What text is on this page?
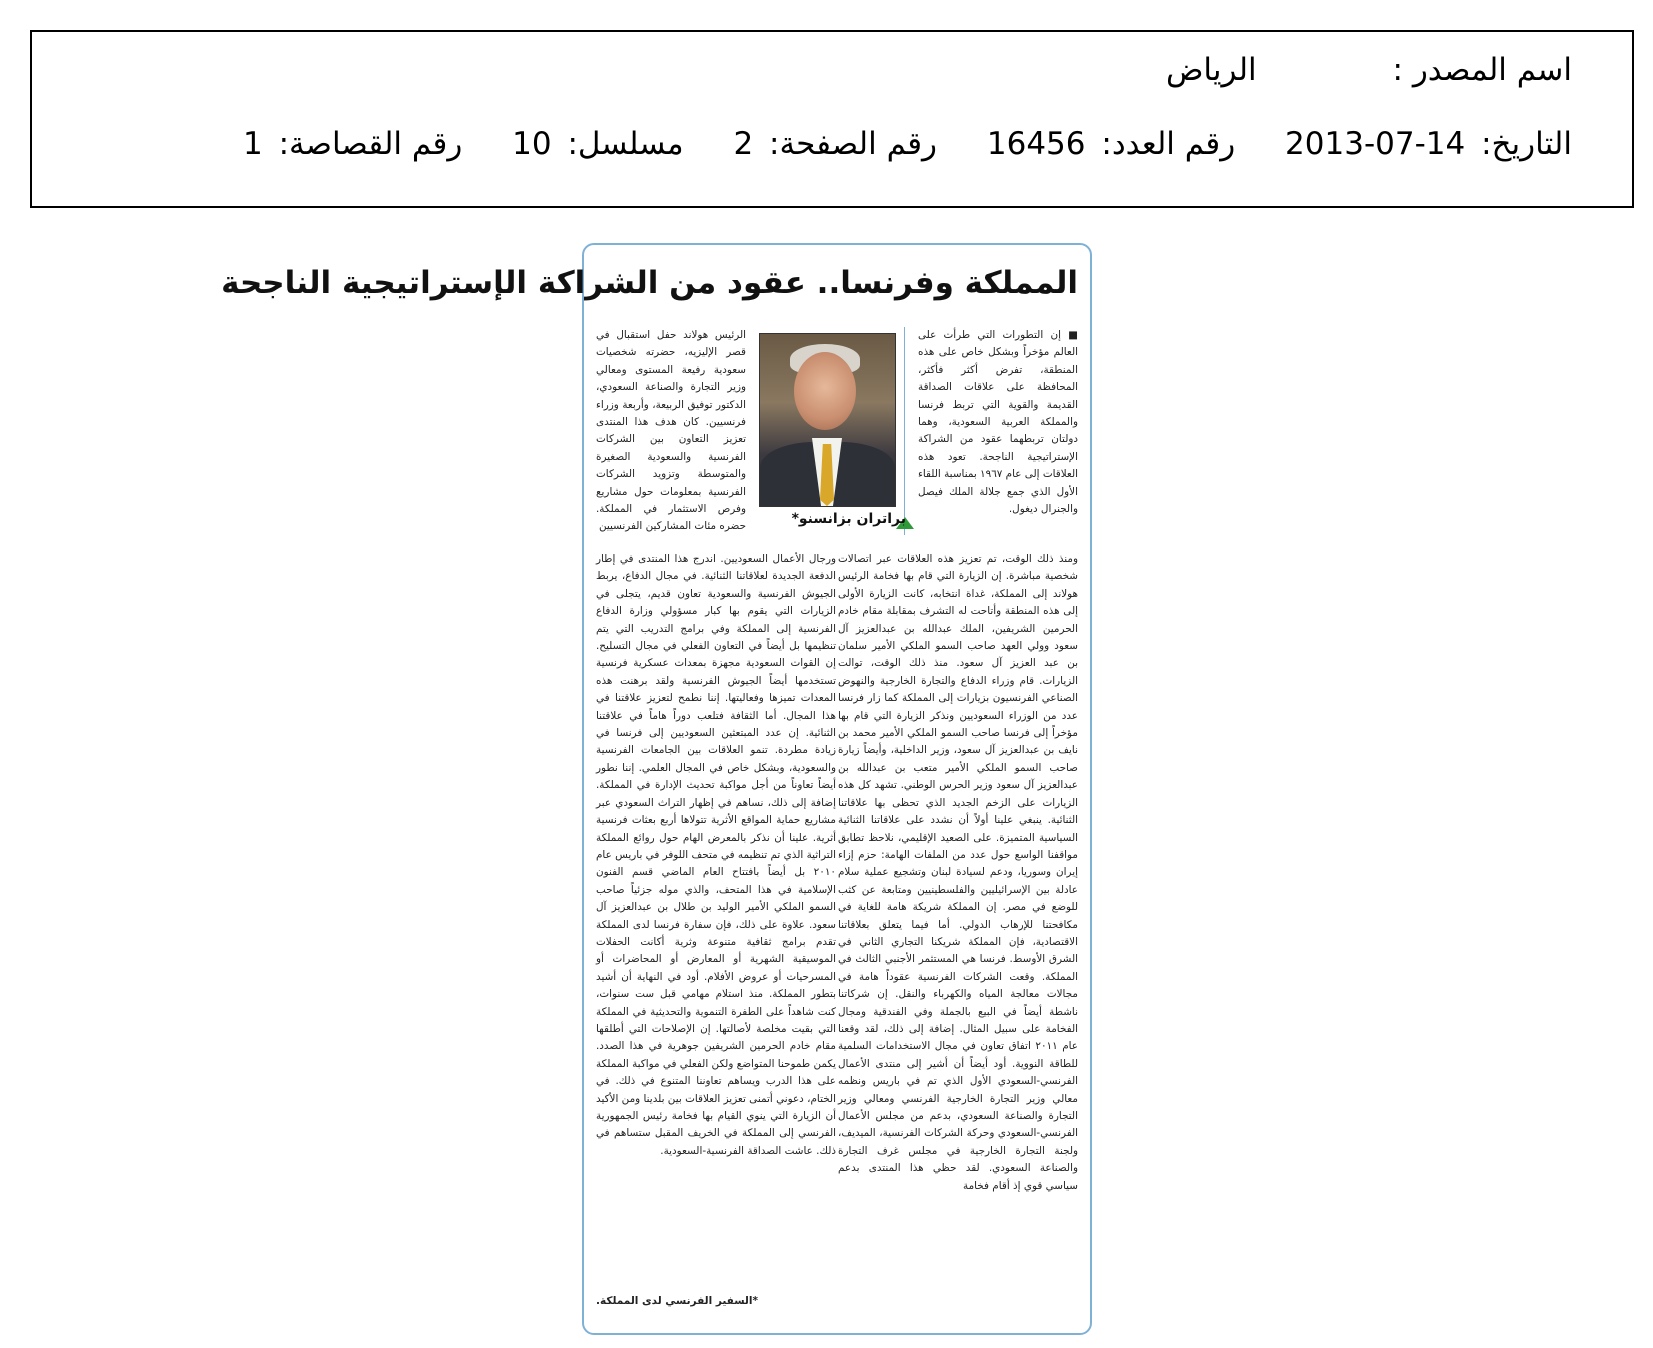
اسم المصدر : الرياض
التاريخ: 2013-07-14 رقم العدد: 16456 رقم الصفحة: 2 مسلسل: 10 رقم القصاصة: 1
المملكة وفرنسا.. عقود من الشراكة الإستراتيجية الناجحة

■ إن التطورات التي طرأت على العالم مؤخراً وبشكل خاص على هذه المنطقة، تفرض أكثر فأكثر، المحافظة على علاقات الصداقة القديمة والقوية التي تربط فرنسا والمملكة العربية السعودية، وهما دولتان تربطهما عقود من الشراكة الإستراتيجية الناجحة. تعود هذه العلاقات إلى عام ١٩٦٧ بمناسبة اللقاء الأول الذي جمع جلالة الملك فيصل والجنرال ديغول.

براتران بزانسنو*

الرئيس هولاند حفل استقبال في قصر الإليزيه، حضرته شخصيات سعودية رفيعة المستوى ومعالي وزير التجارة والصناعة السعودي، الدكتور توفيق الربيعة، وأربعة وزراء فرنسيين. كان هدف هذا المنتدى تعزيز التعاون بين الشركات الفرنسية والسعودية الصغيرة والمتوسطة وتزويد الشركات الفرنسية بمعلومات حول مشاريع وفرص الاستثمار في المملكة. حضره مئات المشاركين الفرنسيين

ومنذ ذلك الوقت، تم تعزيز هذه العلاقات عبر اتصالات شخصية مباشرة. إن الزيارة التي قام بها فخامة الرئيس هولاند إلى المملكة، غداة انتخابه، كانت الزيارة الأولى إلى هذه المنطقة وأتاحت له التشرف بمقابلة مقام خادم الحرمين الشريفين، الملك عبدالله بن عبدالعزيز آل سعود وولي العهد صاحب السمو الملكي الأمير سلمان بن عبد العزيز آل سعود. منذ ذلك الوقت، توالت الزيارات. قام وزراء الدفاع والتجارة الخارجية والنهوض الصناعي الفرنسيون بزيارات إلى المملكة كما زار فرنسا عدد من الوزراء السعوديين ونذكر الزيارة التي قام بها مؤخراً إلى فرنسا صاحب السمو الملكي الأمير محمد بن نايف بن عبدالعزيز آل سعود، وزير الداخلية، وأيضاً زيارة صاحب السمو الملكي الأمير متعب بن عبدالله بن عبدالعزيز آل سعود وزير الحرس الوطني. تشهد كل هذه الزيارات على الزخم الجديد الذي تحظى بها علاقاتنا الثنائية. ينبغي علينا أولاً أن نشدد على علاقاتنا الثنائية السياسية المتميزة. على الصعيد الإقليمي، نلاحظ تطابق مواقفنا الواسع حول عدد من الملفات الهامة: حزم إزاء إيران وسوريا، ودعم لسيادة لبنان وتشجيع عملية سلام عادلة بين الإسرائيليين والفلسطينيين ومتابعة عن كثب للوضع في مصر. إن المملكة شريكة هامة للغاية في مكافحتنا للإرهاب الدولي. أما فيما يتعلق بعلاقاتنا الاقتصادية، فإن المملكة شريكنا التجاري الثاني في الشرق الأوسط. فرنسا هي المستثمر الأجنبي الثالث في المملكة. وقعت الشركات الفرنسية عقوداً هامة في مجالات معالجة المياه والكهرباء والنقل. إن شركاتنا ناشطة أيضاً في البيع بالجملة وفي الفندقية ومجال الفخامة على سبيل المثال. إضافة إلى ذلك، لقد وقعنا عام ٢٠١١ اتفاق تعاون في مجال الاستخدامات السلمية للطاقة النووية. أود أيضاً أن أشير إلى منتدى الأعمال الفرنسي-السعودي الأول الذي تم في باريس ونظمه معالي وزير التجارة الخارجية الفرنسي ومعالي وزير التجارة والصناعة السعودي، بدعم من مجلس الأعمال الفرنسي-السعودي وحركة الشركات الفرنسية، الميديف، ولجنة التجارة الخارجية في مجلس غرف التجارة والصناعة السعودي. لقد حظي هذا المنتدى بدعم سياسي قوي إذ أقام فخامة

ورجال الأعمال السعوديين. اندرج هذا المنتدى في إطار الدفعة الجديدة لعلاقاتنا الثنائية. في مجال الدفاع، يربط الجيوش الفرنسية والسعودية تعاون قديم، يتجلى في الزيارات التي يقوم بها كبار مسؤولي وزارة الدفاع الفرنسية إلى المملكة وفي برامج التدريب التي يتم تنظيمها بل أيضاً في التعاون الفعلي في مجال التسليح. إن القوات السعودية مجهزة بمعدات عسكرية فرنسية تستخدمها أيضاً الجيوش الفرنسية ولقد برهنت هذه المعدات تميزها وفعاليتها. إننا نطمح لتعزيز علاقتنا في هذا المجال. أما الثقافة فتلعب دوراً هاماً في علاقتنا الثنائية. إن عدد المبتعثين السعوديين إلى فرنسا في زيادة مطردة. تنمو العلاقات بين الجامعات الفرنسية والسعودية، وبشكل خاص في المجال العلمي. إننا نطور أيضاً تعاوناً من أجل مواكبة تحديث الإدارة في المملكة. إضافة إلى ذلك، نساهم في إظهار التراث السعودي عبر مشاريع حماية المواقع الأثرية تتولاها أربع بعثات فرنسية أثرية. علينا أن نذكر بالمعرض الهام حول روائع المملكة التراثية الذي تم تنظيمه في متحف اللوفر في باريس عام ٢٠١٠ بل أيضاً بافتتاح العام الماضي قسم الفنون الإسلامية في هذا المتحف، والذي موله جزئياً صاحب السمو الملكي الأمير الوليد بن طلال بن عبدالعزيز آل سعود. علاوة على ذلك، فإن سفارة فرنسا لدى المملكة تقدم برامج ثقافية متنوعة وثرية أكانت الحفلات الموسيقية الشهرية أو المعارض أو المحاضرات أو المسرحيات أو عروض الأفلام. أود في النهاية أن أشيد بتطور المملكة. منذ استلام مهامي قبل ست سنوات، كنت شاهداً على الطفرة التنموية والتحديثية في المملكة التي بقيت مخلصة لأصالتها. إن الإصلاحات التي أطلقها مقام خادم الحرمين الشريفين جوهرية في هذا الصدد. يكمن طموحنا المتواضع ولكن الفعلي في مواكبة المملكة على هذا الدرب ويساهم تعاوننا المتنوع في ذلك. في الختام، دعوني أتمنى تعزيز العلاقات بين بلدينا ومن الأكيد أن الزيارة التي ينوي القيام بها فخامة رئيس الجمهورية الفرنسي إلى المملكة في الخريف المقبل ستساهم في ذلك. عاشت الصداقة الفرنسية-السعودية.

*السفير الفرنسي لدى المملكة.
